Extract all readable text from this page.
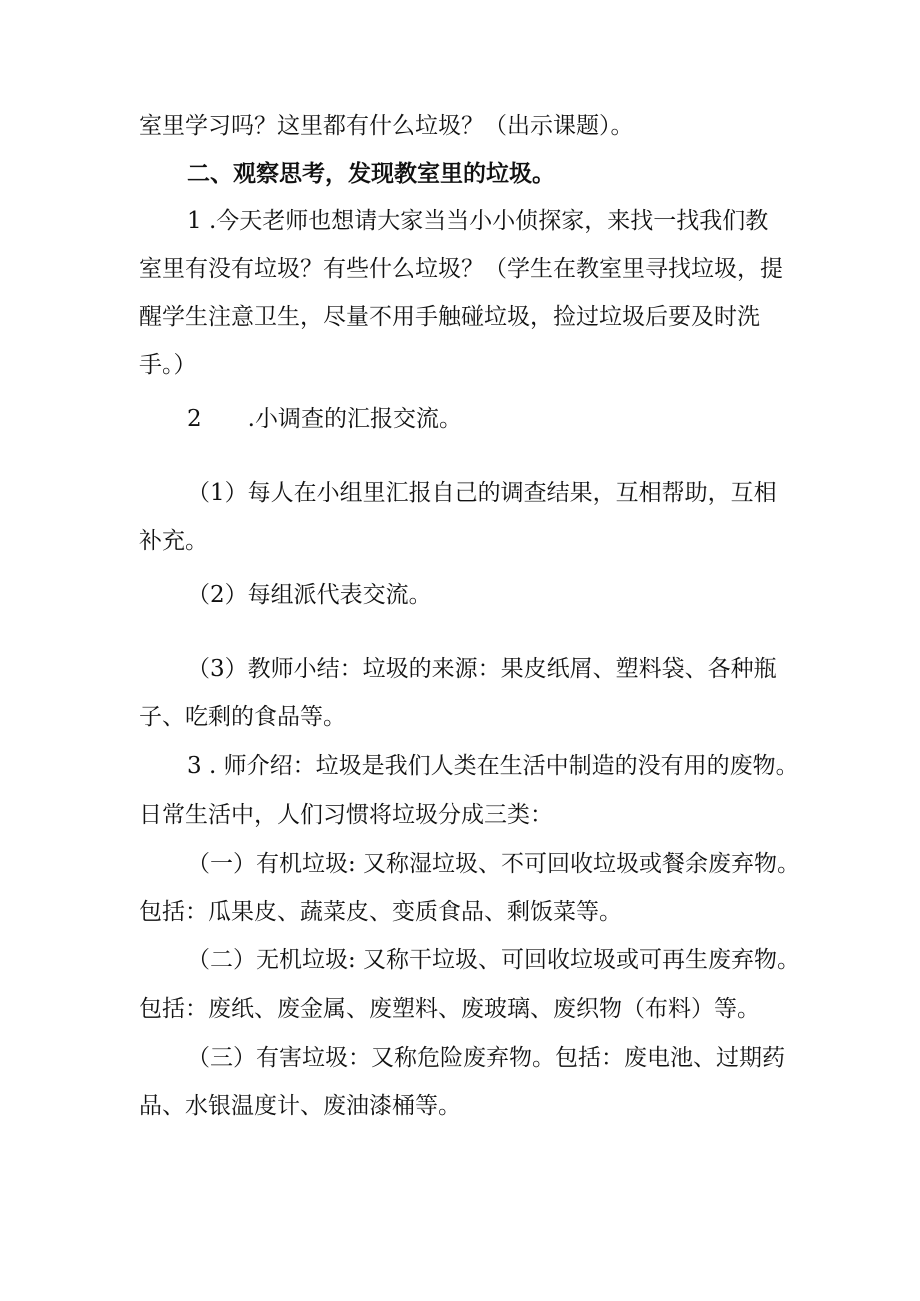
室里学习吗？这里都有什么垃圾？（出示课题）。
二、观察思考，发现教室里的垃圾。
1 .今天老师也想请大家当当小小侦探家，来找一找我们教
室里有没有垃圾？有些什么垃圾？（学生在教室里寻找垃圾，提
醒学生注意卫生，尽量不用手触碰垃圾，捡过垃圾后要及时洗
手。）
2 .小调查的汇报交流。
（1）每人在小组里汇报自己的调查结果，互相帮助，互相
补充。
（2）每组派代表交流。
（3）教师小结：垃圾的来源：果皮纸屑、塑料袋、各种瓶
子、吃剩的食品等。
3 . 师介绍：垃圾是我们人类在生活中制造的没有用的废物。
日常生活中，人们习惯将垃圾分成三类：
（一）有机垃圾: 又称湿垃圾、不可回收垃圾或餐余废弃物。
包括：瓜果皮、蔬菜皮、变质食品、剩饭菜等。
（二）无机垃圾: 又称干垃圾、可回收垃圾或可再生废弃物。
包括：废纸、废金属、废塑料、废玻璃、废织物（布料）等。
（三）有害垃圾：又称危险废弃物。包括：废电池、过期药
品、水银温度计、废油漆桶等。
